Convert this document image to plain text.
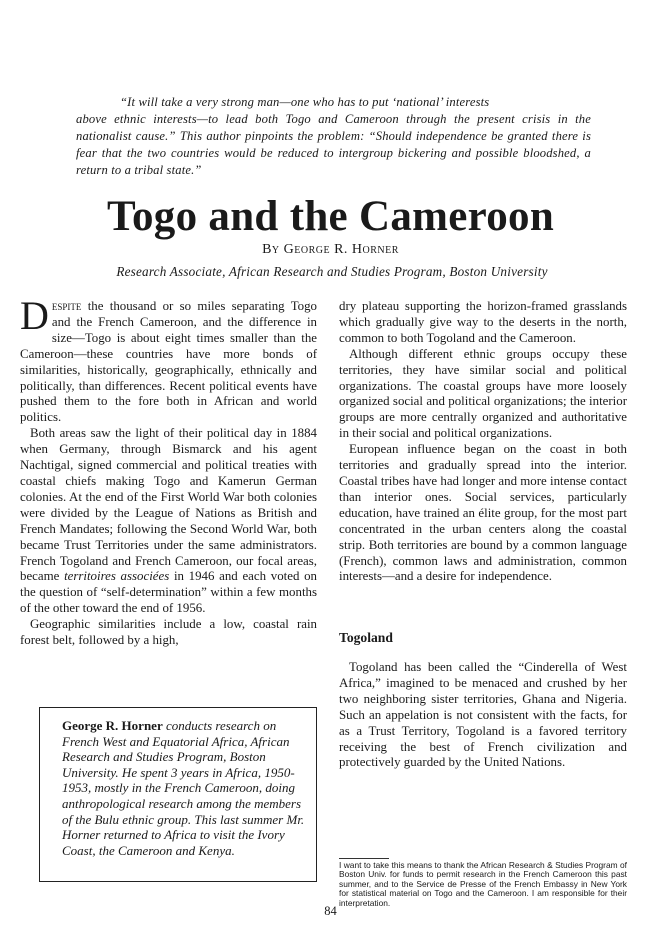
“It will take a very strong man—one who has to put ‘national’ interests
above ethnic interests—to lead both Togo and Cameroon through the present crisis in the nationalist cause.” This author pinpoints the problem: “Should independence be granted there is fear that the two countries would be reduced to intergroup bickering and possible bloodshed, a return to a tribal state.”
Togo and the Cameroon
By George R. Horner
Research Associate, African Research and Studies Program, Boston University

Despite the thousand or so miles separating Togo and the French Cameroon, and the difference in size—Togo is about eight times smaller than the Cameroon—these countries have more bonds of similarities, historically, geographically, ethnically and politically, than differences. Recent political events have pushed them to the fore both in African and world politics.

Both areas saw the light of their political day in 1884 when Germany, through Bismarck and his agent Nachtigal, signed commercial and political treaties with coastal chiefs making Togo and Kamerun German colonies. At the end of the First World War both colonies were divided by the League of Nations as British and French Mandates; following the Second World War, both became Trust Territories under the same administrators. French Togoland and French Cameroon, our focal areas, became territoires associées in 1946 and each voted on the question of “self-determination” within a few months of the other toward the end of 1956.

Geographic similarities include a low, coastal rain forest belt, followed by a high,

George R. Horner conducts research on French West and Equatorial Africa, African Research and Studies Program, Boston University. He spent 3 years in Africa, 1950-1953, mostly in the French Cameroon, doing anthropological research among the members of the Bulu ethnic group. This last summer Mr. Horner returned to Africa to visit the Ivory Coast, the Cameroon and Kenya.

dry plateau supporting the horizon-framed grasslands which gradually give way to the deserts in the north, common to both Togoland and the Cameroon.

Although different ethnic groups occupy these territories, they have similar social and political organizations. The coastal groups have more loosely organized social and political organizations; the interior groups are more centrally organized and authoritative in their social and political organizations.

European influence began on the coast in both territories and gradually spread into the interior. Coastal tribes have had longer and more intense contact than interior ones. Social services, particularly education, have trained an élite group, for the most part concentrated in the urban centers along the coastal strip. Both territories are bound by a common language (French), common laws and administration, common interests—and a desire for independence.

Togoland

Togoland has been called the “Cinderella of West Africa,” imagined to be menaced and crushed by her two neighboring sister territories, Ghana and Nigeria. Such an appelation is not consistent with the facts, for as a Trust Territory, Togoland is a favored territory receiving the best of French civilization and protectively guarded by the United Nations.

I want to take this means to thank the African Research & Studies Program of Boston Univ. for funds to permit research in the French Cameroon this past summer, and to the Service de Presse of the French Embassy in New York for statistical material on Togo and the Cameroon. I am responsible for their interpretation.
84
